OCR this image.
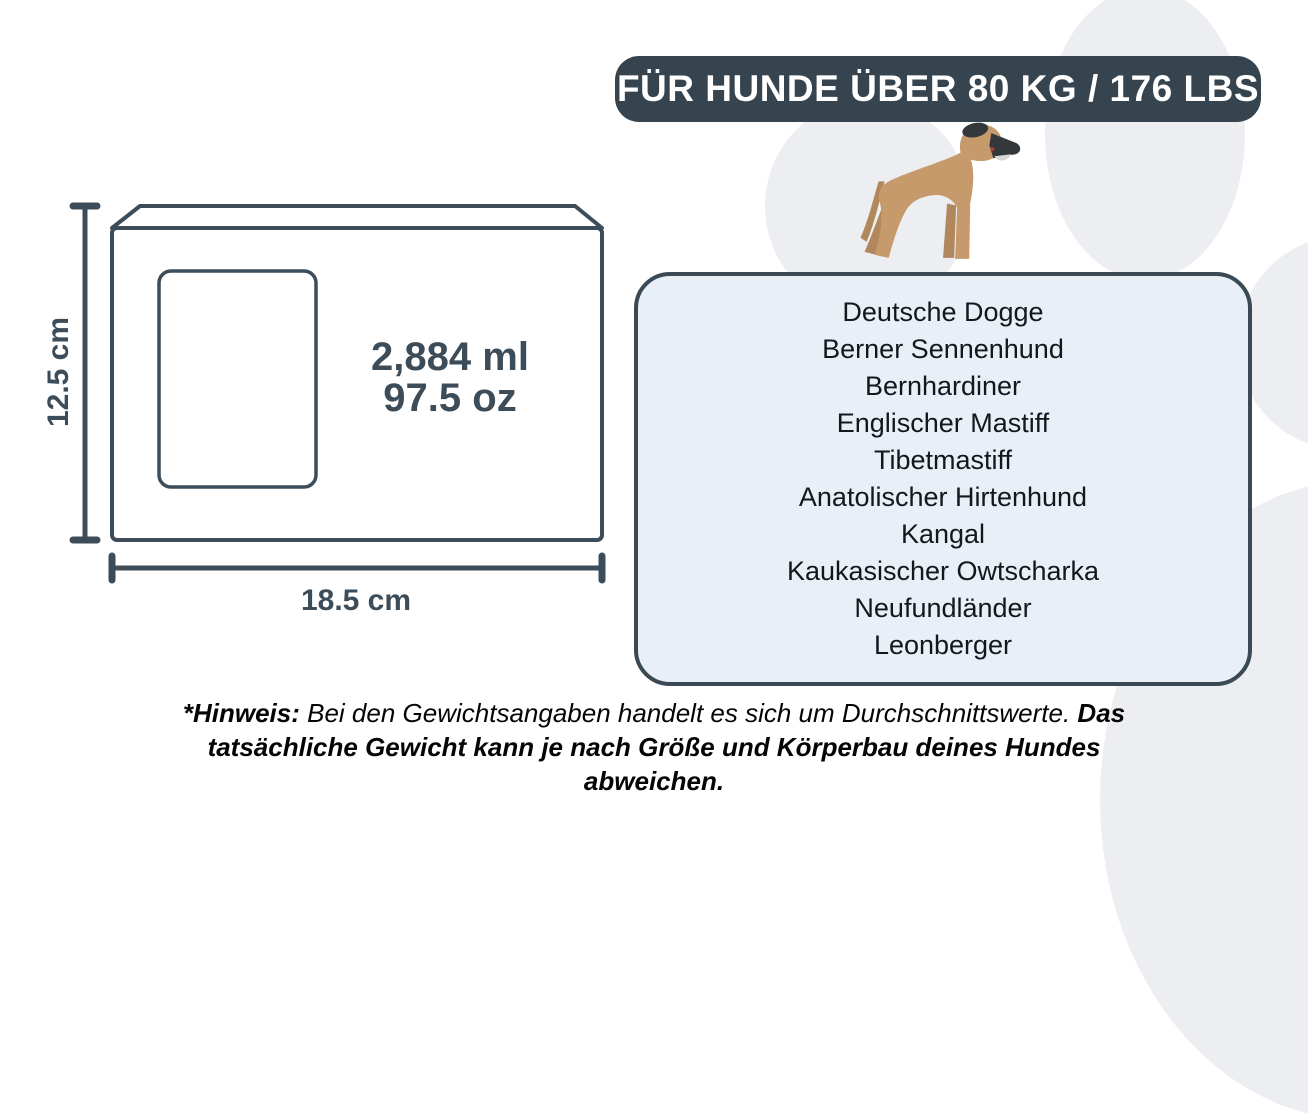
FÜR HUNDE ÜBER 80 KG / 176 LBS
Deutsche Dogge
Berner Sennenhund
Bernhardiner
Englischer Mastiff
Tibetmastiff
Anatolischer Hirtenhund
Kangal
Kaukasischer Owtscharka
Neufundländer
Leonberger
12.5 cm
18.5 cm
2,884 ml
97.5 oz
*Hinweis: Bei den Gewichtsangaben handelt es sich um Durchschnittswerte. Das tatsächliche Gewicht kann je nach Größe und Körperbau deines Hundes abweichen.
